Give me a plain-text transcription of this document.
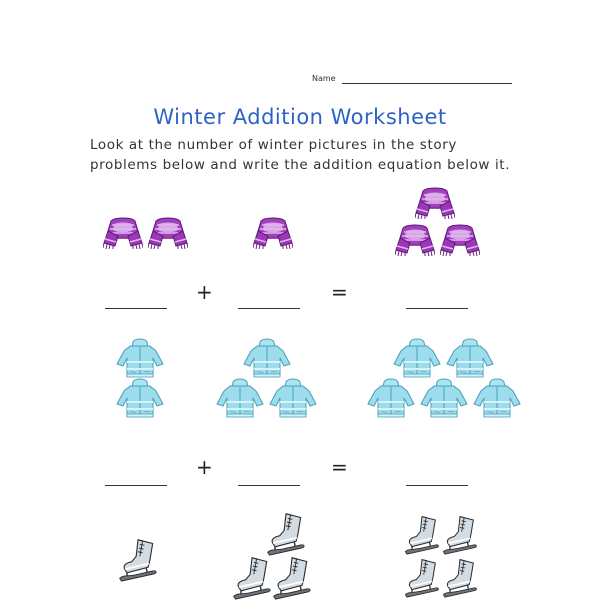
Name
Winter Addition Worksheet
Look at the number of winter pictures in the story
problems below and write the addition equation below it.
+	=
+	=
